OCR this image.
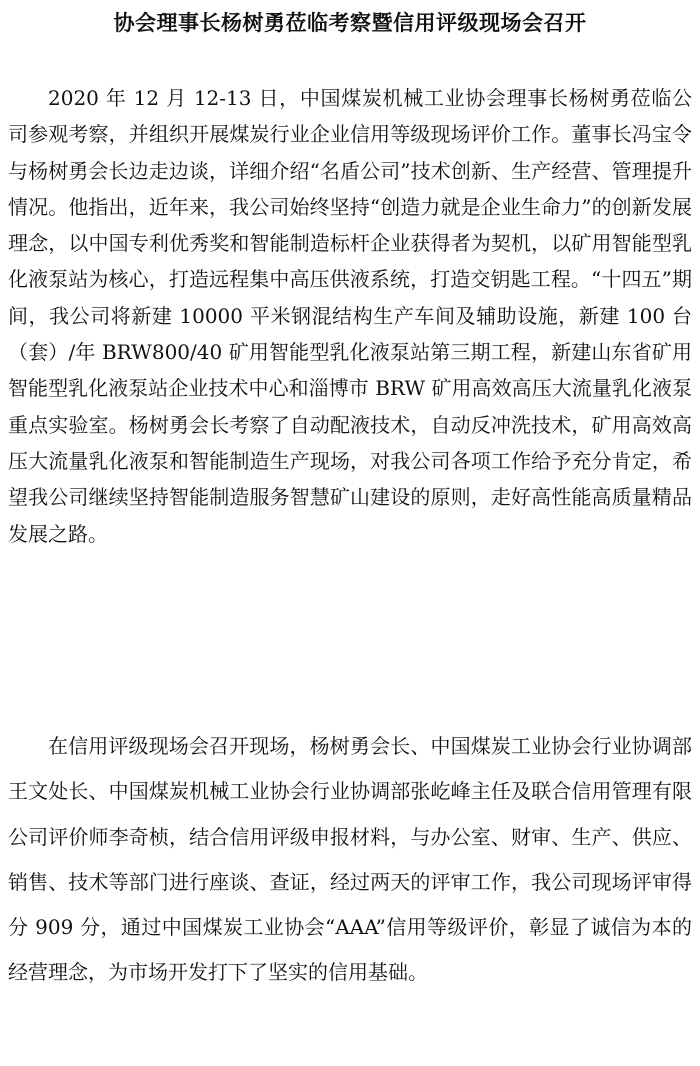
协会理事长杨树勇莅临考察暨信用评级现场会召开

2020 年 12 月 12-13 日，中国煤炭机械工业协会理事长杨树勇莅临公司参观考察，并组织开展煤炭行业企业信用等级现场评价工作。董事长冯宝令与杨树勇会长边走边谈，详细介绍“名盾公司”技术创新、生产经营、管理提升情况。他指出，近年来，我公司始终坚持“创造力就是企业生命力”的创新发展理念，以中国专利优秀奖和智能制造标杆企业获得者为契机，以矿用智能型乳化液泵站为核心，打造远程集中高压供液系统，打造交钥匙工程。“十四五”期间，我公司将新建 10000 平米钢混结构生产车间及辅助设施，新建 100 台（套）/年 BRW800/40 矿用智能型乳化液泵站第三期工程，新建山东省矿用智能型乳化液泵站企业技术中心和淄博市 BRW 矿用高效高压大流量乳化液泵重点实验室。杨树勇会长考察了自动配液技术，自动反冲洗技术，矿用高效高压大流量乳化液泵和智能制造生产现场，对我公司各项工作给予充分肯定，希望我公司继续坚持智能制造服务智慧矿山建设的原则，走好高性能高质量精品发展之路。

在信用评级现场会召开现场，杨树勇会长、中国煤炭工业协会行业协调部王文处长、中国煤炭机械工业协会行业协调部张屹峰主任及联合信用管理有限公司评价师李奇桢，结合信用评级申报材料，与办公室、财审、生产、供应、销售、技术等部门进行座谈、查证，经过两天的评审工作，我公司现场评审得分 909 分，通过中国煤炭工业协会“AAA”信用等级评价，彰显了诚信为本的经营理念，为市场开发打下了坚实的信用基础。
